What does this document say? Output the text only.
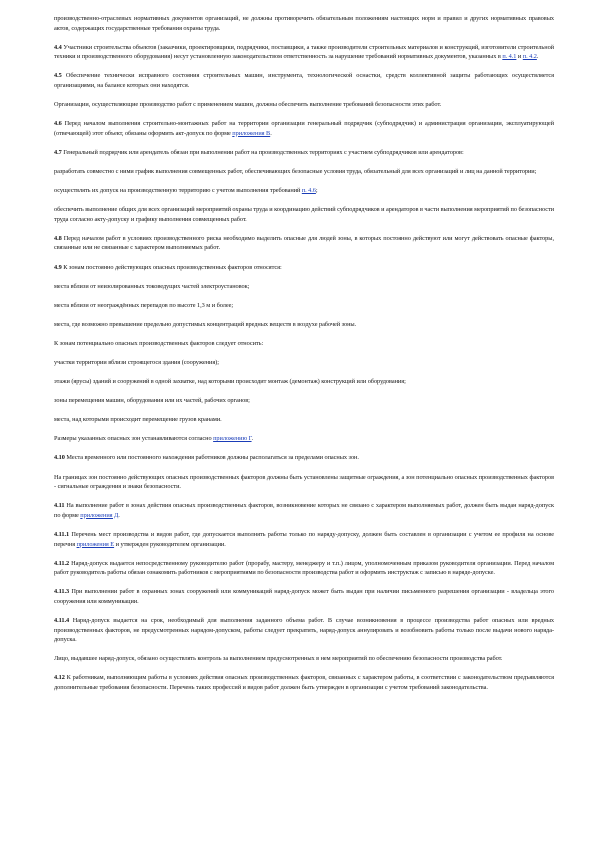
производственно-отраслевых нормативных документов организаций, не должны противоречить обязательным положениям настоящих норм и правил и других нормативных правовых актов, содержащих государственные требования охраны труда.

4.4 Участники строительства объектов (заказчики, проектировщики, подрядчики, поставщики, а также производители строительных материалов и конструкций, изготовители строительной техники и производственного оборудования) несут установленную законодательством ответственность за нарушение требований нормативных документов, указанных в п. 4.1 и п. 4.2.

4.5 Обеспечение технически исправного состояния строительных машин, инструмента, технологической оснастки, средств коллективной защиты работающих осуществляется организациями, на балансе которых они находятся.

Организации, осуществляющие производство работ с применением машин, должны обеспечить выполнение требований безопасности этих работ.

4.6 Перед началом выполнения строительно-монтажных работ на территории организации генеральный подрядчик (субподрядчик) и администрация организации, эксплуатирующей (отвечающей) этот объект, обязаны оформить акт-допуск по форме приложения В.

4.7 Генеральный подрядчик или арендатель обязан при выполнении работ на производственных территориях с участием субподрядчиков или арендаторов:

разработать совместно с ними график выполнения совмещенных работ, обеспечивающих безопасные условия труда, обязательный для всех организаций и лиц на данной территории;

осуществлять их допуск на производственную территорию с учетом выполнения требований п. 4.6;

обеспечить выполнение общих для всех организаций мероприятий охраны труда и координацию действий субподрядчиков и арендаторов в части выполнения мероприятий по безопасности труда согласно акту-допуску и графику выполнения совмещенных работ.

4.8 Перед началом работ в условиях производственного риска необходимо выделить опасные для людей зоны, в которых постоянно действуют или могут действовать опасные факторы, связанные или не связанные с характером выполняемых работ.

4.9 К зонам постоянно действующих опасных производственных факторов относятся:

места вблизи от неизолированных токоведущих частей электроустановок;

места вблизи от неограждённых перепадов по высоте 1,3 м и более;

места, где возможно превышение предельно допустимых концентраций вредных веществ в воздухе рабочей зоны.

К зонам потенциально опасных производственных факторов следует относить:

участки территории вблизи строящегося здания (сооружения);

этажи (ярусы) зданий и сооружений в одной захватке, над которыми происходит монтаж (демонтаж) конструкций или оборудования;

зоны перемещения машин, оборудования или их частей, рабочих органов;

места, над которыми происходит перемещение грузов кранами.

Размеры указанных опасных зон устанавливаются согласно приложению Г.

4.10 Места временного или постоянного нахождения работников должны располагаться за пределами опасных зон.

На границах зон постоянно действующих опасных производственных факторов должны быть установлены защитные ограждения, а зон потенциально опасных производственных факторов - сигнальные ограждения и знаки безопасности.

4.11 На выполнение работ в зонах действия опасных производственных факторов, возникновение которых не связано с характером выполняемых работ, должен быть выдан наряд-допуск по форме приложения Д.

4.11.1 Перечень мест производства и видов работ, где допускается выполнять работы только по наряду-допуску, должен быть составлен в организации с учетом ее профиля на основе перечня приложения Е и утвержден руководителем организации.

4.11.2 Наряд-допуск выдается непосредственному руководителю работ (прорабу, мастеру, менеджеру и т.п.) лицом, уполномоченным приказом руководителя организации. Перед началом работ руководитель работы обязан ознакомить работников с мероприятиями по безопасности производства работ и оформить инструктаж с записью в наряде-допуске.

4.11.3 При выполнении работ в охранных зонах сооружений или коммуникаций наряд-допуск может быть выдан при наличии письменного разрешения организации - владельца этого сооружения или коммуникации.

4.11.4 Наряд-допуск выдается на срок, необходимый для выполнения заданного объема работ. В случае возникновения в процессе производства работ опасных или вредных производственных факторов, не предусмотренных нарядом-допуском, работы следует прекратить, наряд-допуск аннулировать и возобновить работы только после выдачи нового наряда-допуска.

Лицо, выдавшее наряд-допуск, обязано осуществлять контроль за выполнением предусмотренных в нем мероприятий по обеспечению безопасности производства работ.

4.12 К работникам, выполняющим работы в условиях действия опасных производственных факторов, связанных с характером работы, в соответствии с законодательством предъявляются дополнительные требования безопасности. Перечень таких профессий и видов работ должен быть утвержден в организации с учетом требований законодательства.
